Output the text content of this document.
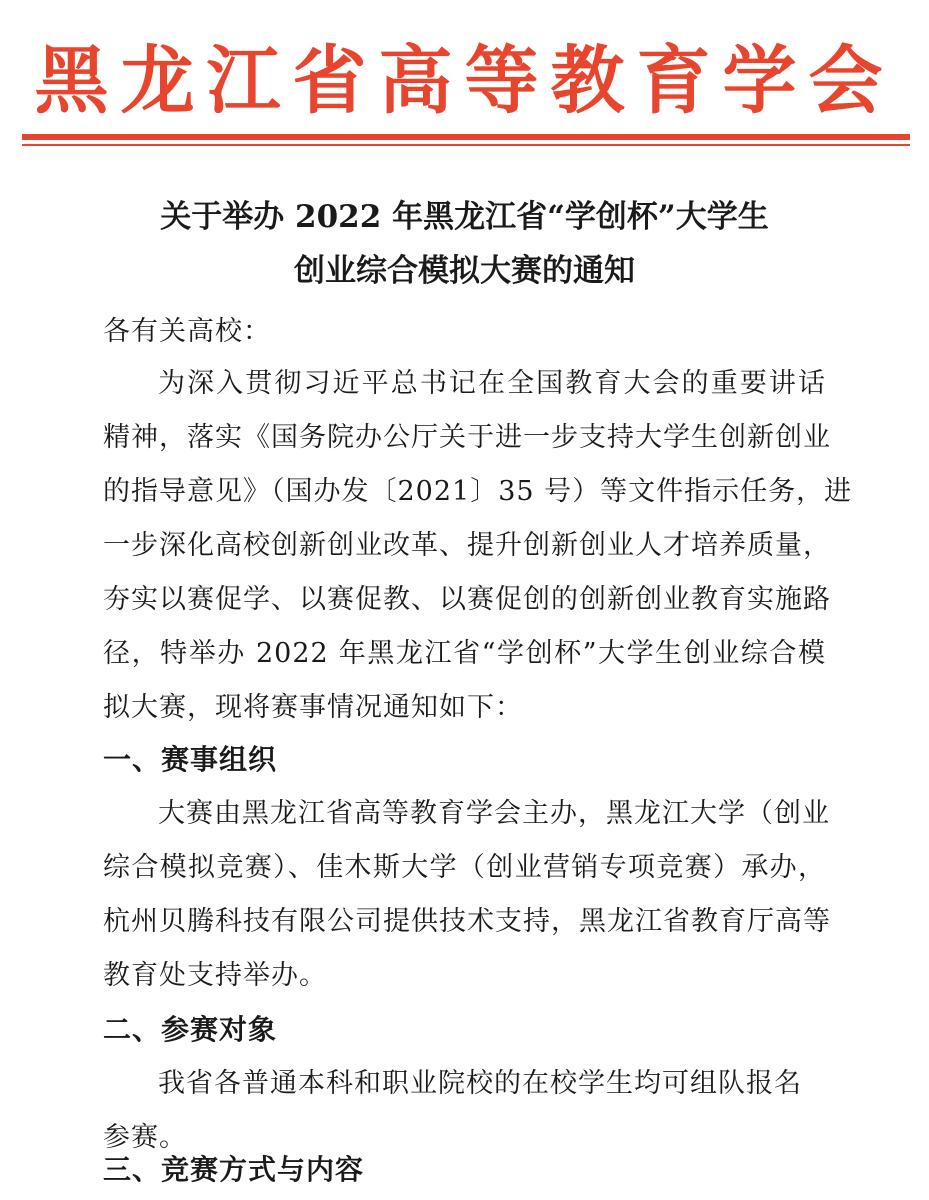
黑龙江省高等教育学会
关于举办 2022 年黑龙江省“学创杯”大学生
创业综合模拟大赛的通知
各有关高校：
为深入贯彻习近平总书记在全国教育大会的重要讲话
精神，落实《国务院办公厅关于进一步支持大学生创新创业
的指导意见》（国办发〔2021〕35 号）等文件指示任务，进
一步深化高校创新创业改革、提升创新创业人才培养质量，
夯实以赛促学、以赛促教、以赛促创的创新创业教育实施路
径，特举办 2022 年黑龙江省“学创杯”大学生创业综合模
拟大赛，现将赛事情况通知如下：
一、赛事组织
大赛由黑龙江省高等教育学会主办，黑龙江大学（创业
综合模拟竞赛）、佳木斯大学（创业营销专项竞赛）承办，
杭州贝腾科技有限公司提供技术支持，黑龙江省教育厅高等
教育处支持举办。
二、参赛对象
我省各普通本科和职业院校的在校学生均可组队报名
参赛。
三、竞赛方式与内容
